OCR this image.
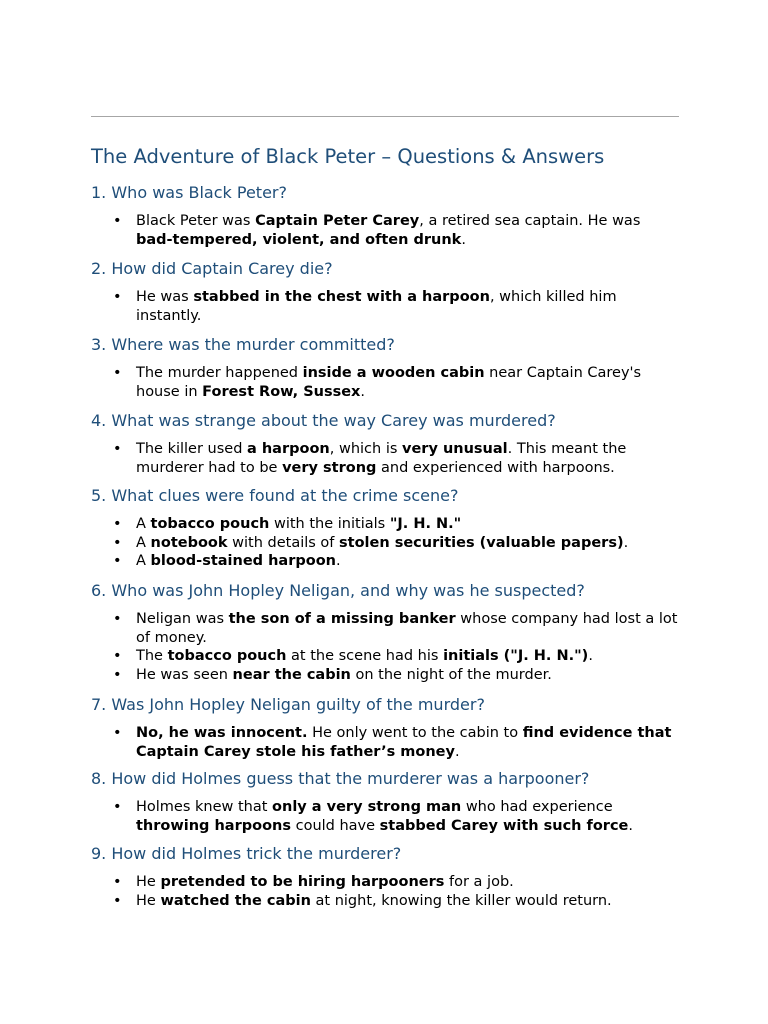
The Adventure of Black Peter – Questions & Answers
1. Who was Black Peter?
• Black Peter was Captain Peter Carey, a retired sea captain. He was bad-tempered, violent, and often drunk.
2. How did Captain Carey die?
• He was stabbed in the chest with a harpoon, which killed him instantly.
3. Where was the murder committed?
• The murder happened inside a wooden cabin near Captain Carey's house in Forest Row, Sussex.
4. What was strange about the way Carey was murdered?
• The killer used a harpoon, which is very unusual. This meant the murderer had to be very strong and experienced with harpoons.
5. What clues were found at the crime scene?
• A tobacco pouch with the initials "J. H. N."
• A notebook with details of stolen securities (valuable papers).
• A blood-stained harpoon.
6. Who was John Hopley Neligan, and why was he suspected?
• Neligan was the son of a missing banker whose company had lost a lot of money.
• The tobacco pouch at the scene had his initials ("J. H. N.").
• He was seen near the cabin on the night of the murder.
7. Was John Hopley Neligan guilty of the murder?
• No, he was innocent. He only went to the cabin to find evidence that Captain Carey stole his father’s money.
8. How did Holmes guess that the murderer was a harpooner?
• Holmes knew that only a very strong man who had experience throwing harpoons could have stabbed Carey with such force.
9. How did Holmes trick the murderer?
• He pretended to be hiring harpooners for a job.
• He watched the cabin at night, knowing the killer would return.
